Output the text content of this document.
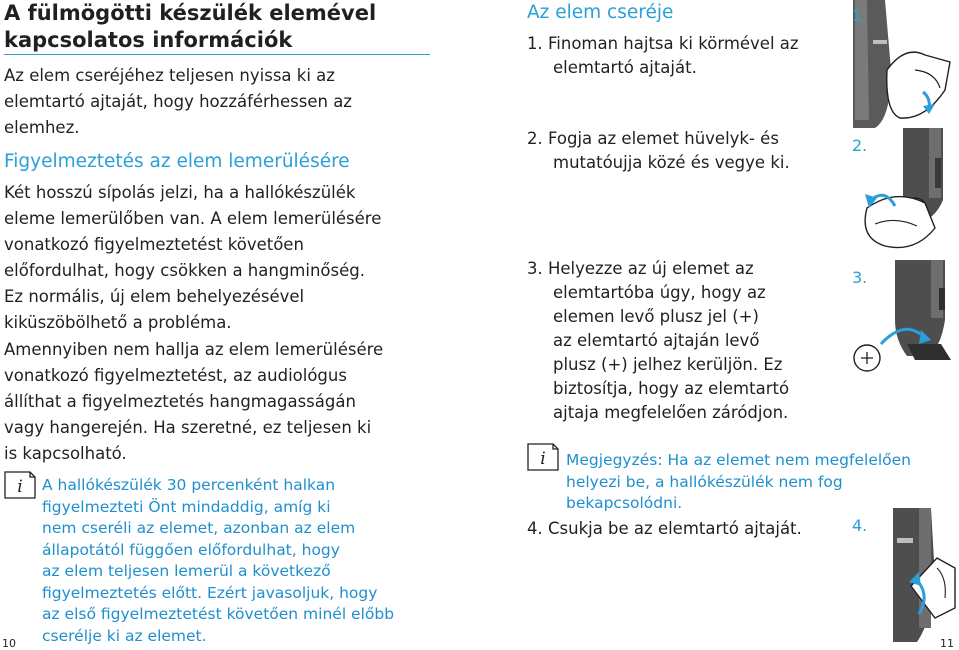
A fülmögötti készülék elemével
kapcsolatos információk
Az elem cseréjéhez teljesen nyissa ki az
elemtartó ajtaját, hogy hozzáférhessen az
elemhez.
Figyelmeztetés az elem lemerülésére
Két hosszú sípolás jelzi, ha a hallókészülék
eleme lemerülőben van. A elem lemerülésére
vonatkozó figyelmeztetést követően
előfordulhat, hogy csökken a hangminőség.
Ez normális, új elem behelyezésével
kiküszöbölhető a probléma.
Amennyiben nem hallja az elem lemerülésére
vonatkozó figyelmeztetést, az audiológus
állíthat a figyelmeztetés hangmagasságán
vagy hangerején. Ha szeretné, ez teljesen ki
is kapcsolható.
i A hallókészülék 30 percenként halkan
figyelmezteti Önt mindaddig, amíg ki
nem cseréli az elemet, azonban az elem
állapotától függően előfordulhat, hogy
az elem teljesen lemerül a következő
figyelmeztetés előtt. Ezért javasoljuk, hogy
az első figyelmeztetést követően minél előbb
cserélje ki az elemet.
10
Az elem cseréje
1. Finoman hajtsa ki körmével az
elemtartó ajtaját.
2. Fogja az elemet hüvelyk- és
mutatóujja közé és vegye ki.
3. Helyezze az új elemet az
elemtartóba úgy, hogy az
elemen levő plusz jel (+)
az elemtartó ajtaján levő
plusz (+) jelhez kerüljön. Ez
biztosítja, hogy az elemtartó
ajtaja megfelelően záródjon.
i Megjegyzés: Ha az elemet nem megfelelően
helyezi be, a hallókészülék nem fog
bekapcsolódni.
4. Csukja be az elemtartó ajtaját.
11
1.
2.
3.
4.
